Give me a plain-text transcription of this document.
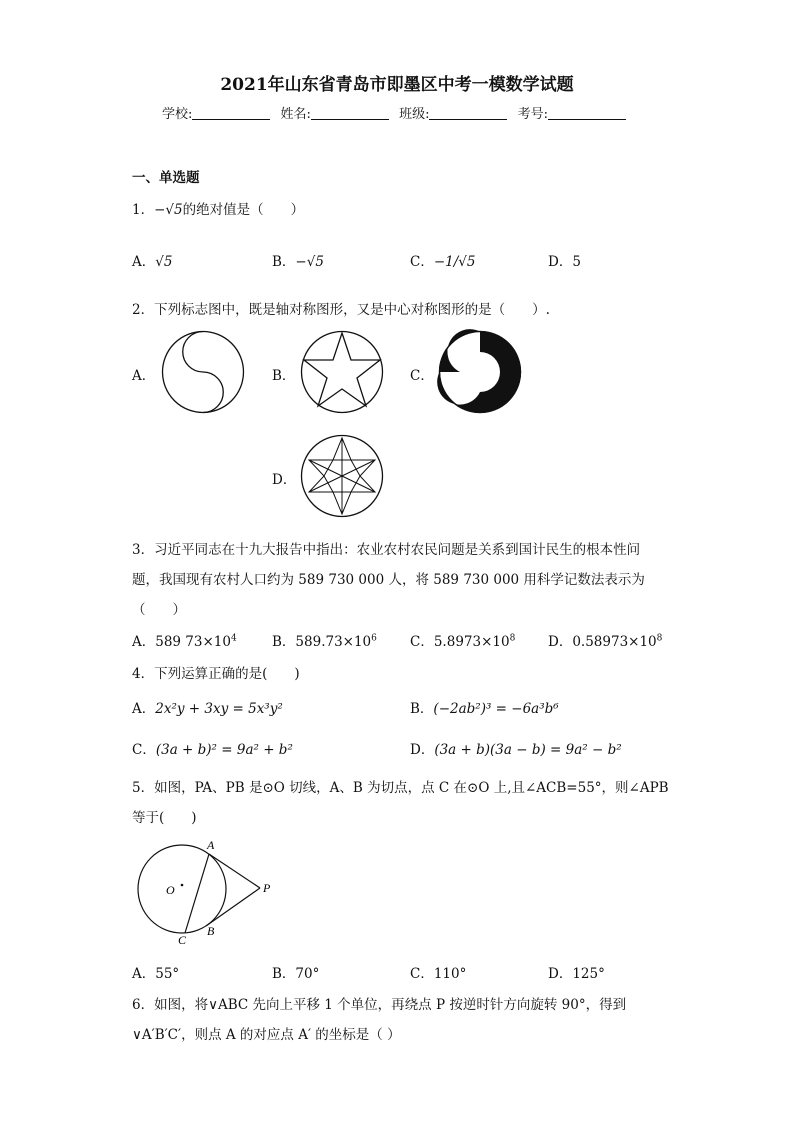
2021年山东省青岛市即墨区中考一模数学试题
学校:	姓名:	班级:	考号:
一、单选题
1．−√5的绝对值是（　　）
A．√5	B．−√5	C．−1/√5	D．5
2．下列标志图中，既是轴对称图形，又是中心对称图形的是（　　）.
A．	B．	C．
D．
3．习近平同志在十九大报告中指出：农业农村农民问题是关系到国计民生的根本性问
题，我国现有农村人口约为 589 730 000 人，将 589 730 000 用科学记数法表示为
（　　）
A．589 $73\times 10^4$	B．$589.73\times 10^6$ C．$5.8973\times 10^8$ D．$0.58973\times 10^8$
4．下列运算正确的是(　　)
A．2x²y + 3xy = 5x³y²	B．(−2ab²)³ = −6a³b⁶
C．(3a + b)² = 9a² + b²	D．(3a + b)(3a − b) = 9a² − b²
5．如图，PA、PB 是⊙O 切线，A、B 为切点，点 C 在⊙O 上,且∠ACB=55°，则∠APB
等于(　　)
A
O	P
C
B
A．55°	B．70°	C．110°	D．125°
6．如图，将∨ABC 先向上平移 1 个单位，再绕点 P 按逆时针方向旋转 90°，得到
∨A′B′C′，则点 A 的对应点 A′ 的坐标是（ ）
